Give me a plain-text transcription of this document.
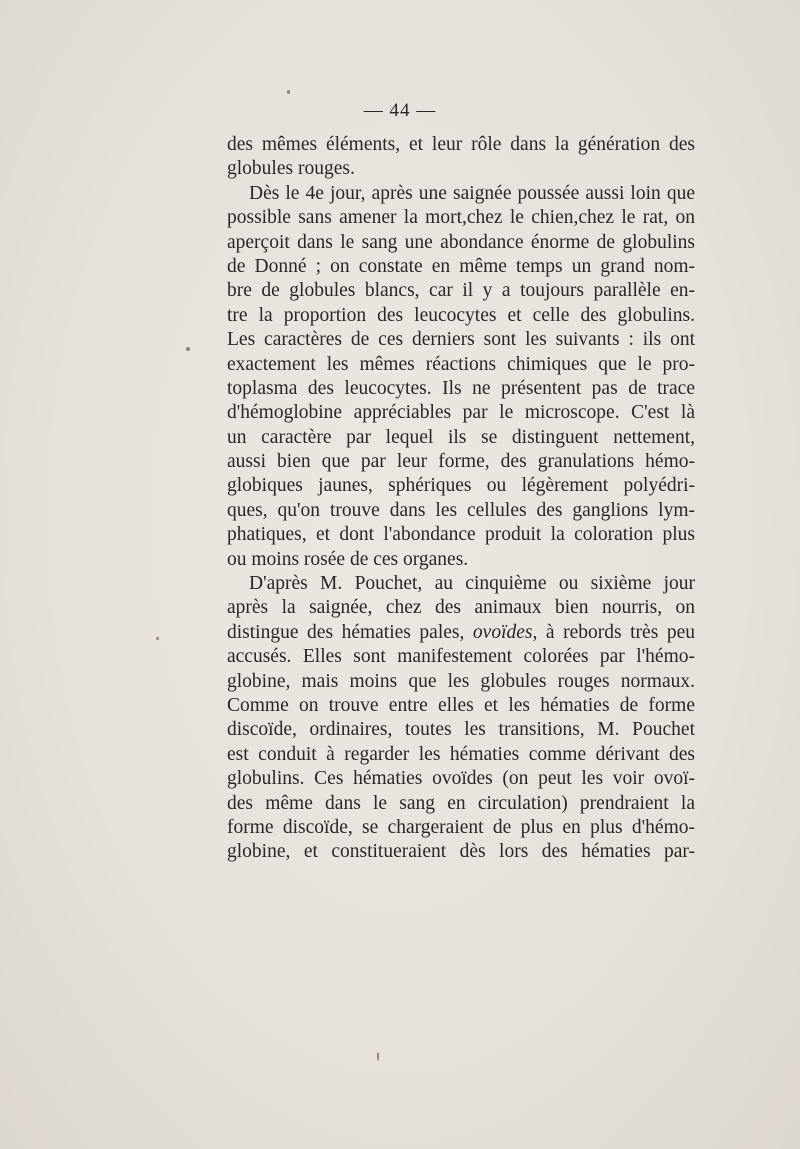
— 44 —
des mêmes éléments, et leur rôle dans la génération des
globules rouges.
Dès le 4e jour, après une saignée poussée aussi loin que
possible sans amener la mort,chez le chien,chez le rat, on
aperçoit dans le sang une abondance énorme de globulins
de Donné ; on constate en même temps un grand nom-
bre de globules blancs, car il y a toujours parallèle en-
tre la proportion des leucocytes et celle des globulins.
Les caractères de ces derniers sont les suivants : ils ont
exactement les mêmes réactions chimiques que le pro-
toplasma des leucocytes. Ils ne présentent pas de trace
d'hémoglobine appréciables par le microscope. C'est là
un caractère par lequel ils se distinguent nettement,
aussi bien que par leur forme, des granulations hémo-
globiques jaunes, sphériques ou légèrement polyédri-
ques, qu'on trouve dans les cellules des ganglions lym-
phatiques, et dont l'abondance produit la coloration plus
ou moins rosée de ces organes.
D'après M. Pouchet, au cinquième ou sixième jour
après la saignée, chez des animaux bien nourris, on
distingue des hématies pales, ovoïdes, à rebords très peu
accusés. Elles sont manifestement colorées par l'hémo-
globine, mais moins que les globules rouges normaux.
Comme on trouve entre elles et les hématies de forme
discoïde, ordinaires, toutes les transitions, M. Pouchet
est conduit à regarder les hématies comme dérivant des
globulins. Ces hématies ovoïdes (on peut les voir ovoï-
des même dans le sang en circulation) prendraient la
forme discoïde, se chargeraient de plus en plus d'hémo-
globine, et constitueraient dès lors des hématies par-
